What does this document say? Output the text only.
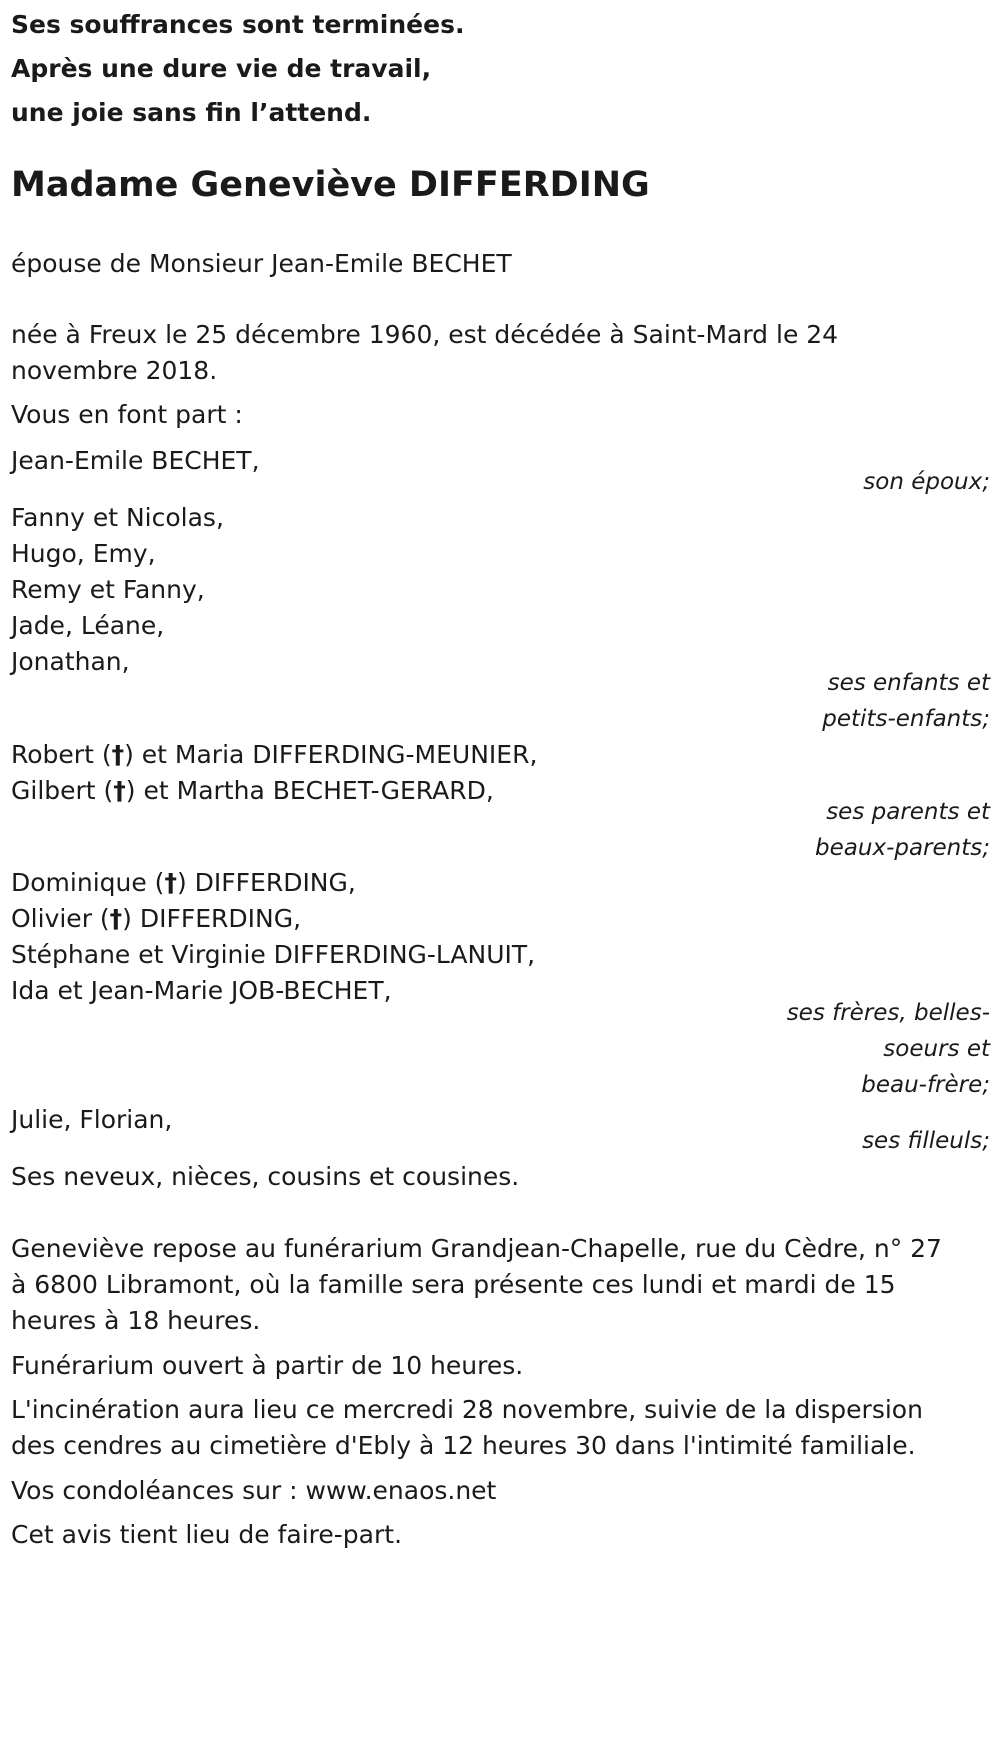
Ses souffrances sont terminées.
Après une dure vie de travail,
une joie sans fin l’attend.
Madame Geneviève DIFFERDING
épouse de Monsieur Jean-Emile BECHET
née à Freux le 25 décembre 1960, est décédée à Saint-Mard le 24
novembre 2018.
Vous en font part :
Jean-Emile BECHET,
son époux;
Fanny et Nicolas,
Hugo, Emy,
Remy et Fanny,
Jade, Léane,
Jonathan,
ses enfants et
petits-enfants;
Robert (†) et Maria DIFFERDING-MEUNIER,
Gilbert (†) et Martha BECHET-GERARD,
ses parents et
beaux-parents;
Dominique (†) DIFFERDING,
Olivier (†) DIFFERDING,
Stéphane et Virginie DIFFERDING-LANUIT,
Ida et Jean-Marie JOB-BECHET,
ses frères, belles-
soeurs et
beau-frère;
Julie, Florian,
ses filleuls;
Ses neveux, nièces, cousins et cousines.
Geneviève repose au funérarium Grandjean-Chapelle, rue du Cèdre, n° 27
à 6800 Libramont, où la famille sera présente ces lundi et mardi de 15
heures à 18 heures.
Funérarium ouvert à partir de 10 heures.
L'incinération aura lieu ce mercredi 28 novembre, suivie de la dispersion
des cendres au cimetière d'Ebly à 12 heures 30 dans l'intimité familiale.
Vos condoléances sur : www.enaos.net
Cet avis tient lieu de faire-part.
